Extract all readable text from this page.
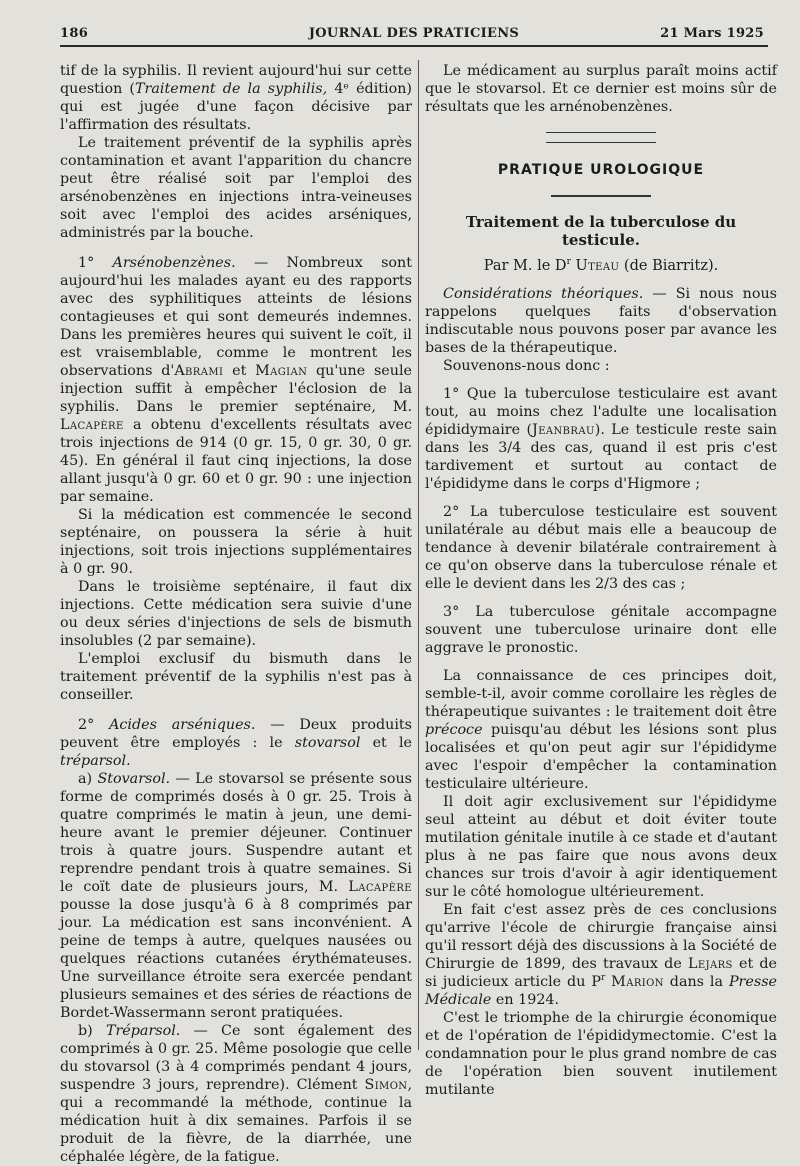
186	JOURNAL DES PRATICIENS	21 Mars 1925

tif de la syphilis. Il revient aujourd'hui sur cette question (Traitement de la syphilis, 4ᵉ édition) qui est jugée d'une façon décisive par l'affirmation des résultats.

Le traitement préventif de la syphilis après contamination et avant l'apparition du chancre peut être réalisé soit par l'emploi des arsénobenzènes en injections intra-veineuses soit avec l'emploi des acides arséniques, administrés par la bouche.

1° Arsénobenzènes. — Nombreux sont aujourd'hui les malades ayant eu des rapports avec des syphilitiques atteints de lésions contagieuses et qui sont demeurés indemnes. Dans les premières heures qui suivent le coït, il est vraisemblable, comme le montrent les observations d'Abrami et Magian qu'une seule injection suffit à empêcher l'éclosion de la syphilis. Dans le premier septénaire, M. Lacapère a obtenu d'excellents résultats avec trois injections de 914 (0 gr. 15, 0 gr. 30, 0 gr. 45). En général il faut cinq injections, la dose allant jusqu'à 0 gr. 60 et 0 gr. 90 : une injection par semaine.

Si la médication est commencée le second septénaire, on poussera la série à huit injections, soit trois injections supplémentaires à 0 gr. 90.

Dans le troisième septénaire, il faut dix injections. Cette médication sera suivie d'une ou deux séries d'injections de sels de bismuth insolubles (2 par semaine).

L'emploi exclusif du bismuth dans le traitement préventif de la syphilis n'est pas à conseiller.

2° Acides arséniques. — Deux produits peuvent être employés : le stovarsol et le tréparsol.

a) Stovarsol. — Le stovarsol se présente sous forme de comprimés dosés à 0 gr. 25. Trois à quatre comprimés le matin à jeun, une demi-heure avant le premier déjeuner. Continuer trois à quatre jours. Suspendre autant et reprendre pendant trois à quatre semaines. Si le coït date de plusieurs jours, M. Lacapère pousse la dose jusqu'à 6 à 8 comprimés par jour. La médication est sans inconvénient. A peine de temps à autre, quelques nausées ou quelques réactions cutanées érythémateuses. Une surveillance étroite sera exercée pendant plusieurs semaines et des séries de réactions de Bordet-Wassermann seront pratiquées.

b) Tréparsol. — Ce sont également des comprimés à 0 gr. 25. Même posologie que celle du stovarsol (3 à 4 comprimés pendant 4 jours, suspendre 3 jours, reprendre). Clément Simon, qui a recommandé la méthode, continue la médication huit à dix semaines. Parfois il se produit de la fièvre, de la diarrhée, une céphalée légère, de la fatigue.

Le médicament au surplus paraît moins actif que le stovarsol. Et ce dernier est moins sûr de résultats que les arnénobenzènes.

PRATIQUE UROLOGIQUE
Traitement de la tuberculose du testicule.
Par M. le $D^r$ Uteau (de Biarritz).

Considérations théoriques. — Si nous nous rappelons quelques faits d'observation indiscutable nous pouvons poser par avance les bases de la thérapeutique.

Souvenons-nous donc :

1° Que la tuberculose testiculaire est avant tout, au moins chez l'adulte une localisation épididymaire (Jeanbrau). Le testicule reste sain dans les 3/4 des cas, quand il est pris c'est tardivement et surtout au contact de l'épididyme dans le corps d'Higmore ;

2° La tuberculose testiculaire est souvent unilatérale au début mais elle a beaucoup de tendance à devenir bilatérale contrairement à ce qu'on observe dans la tuberculose rénale et elle le devient dans les 2/3 des cas ;

3° La tuberculose génitale accompagne souvent une tuberculose urinaire dont elle aggrave le pronostic.

La connaissance de ces principes doit, semble-t-il, avoir comme corollaire les règles de thérapeutique suivantes : le traitement doit être précoce puisqu'au début les lésions sont plus localisées et qu'on peut agir sur l'épididyme avec l'espoir d'empêcher la contamination testiculaire ultérieure.

Il doit agir exclusivement sur l'épididyme seul atteint au début et doit éviter toute mutilation génitale inutile à ce stade et d'autant plus à ne pas faire que nous avons deux chances sur trois d'avoir à agir identiquement sur le côté homologue ultérieurement.

En fait c'est assez près de ces conclusions qu'arrive l'école de chirurgie française ainsi qu'il ressort déjà des discussions à la Société de Chirurgie de 1899, des travaux de Lejars et de si judicieux article du $P^r$ Marion dans la Presse Médicale en 1924.

C'est le triomphe de la chirurgie économique et de l'opération de l'épididymectomie. C'est la condamnation pour le plus grand nombre de cas de l'opération bien souvent inutilement mutilante
